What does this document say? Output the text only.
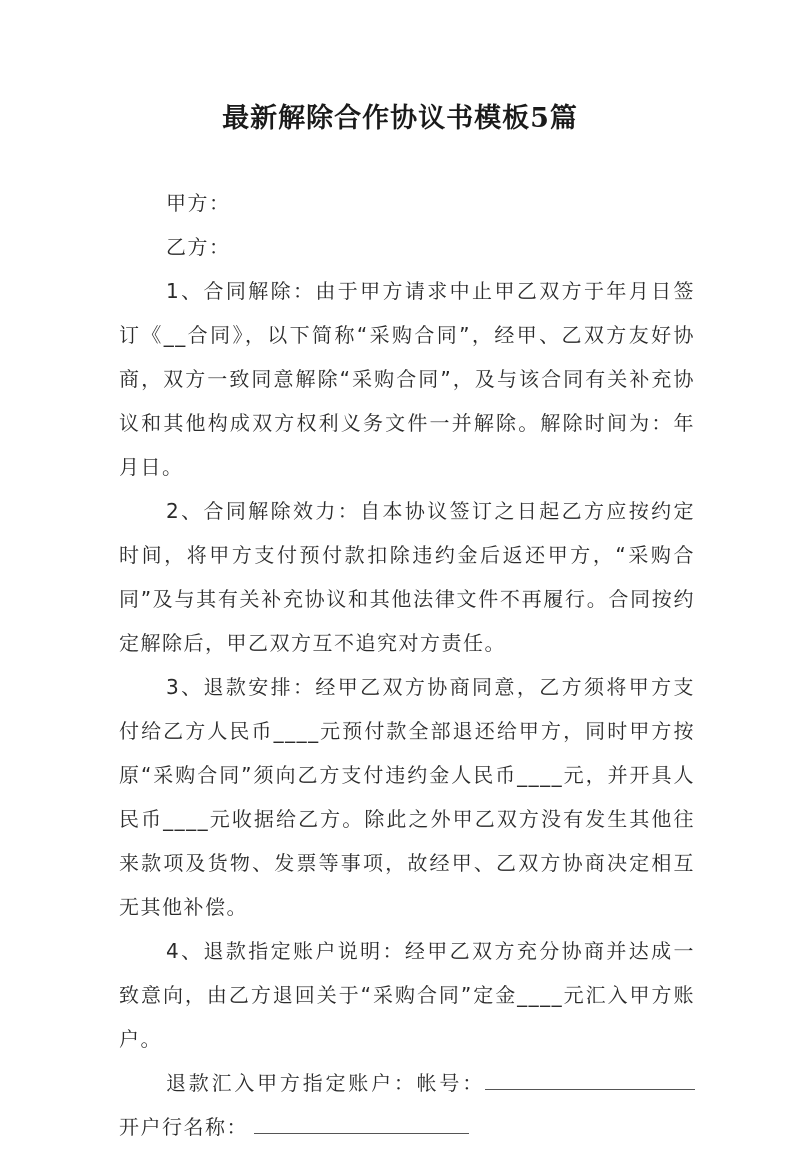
最新解除合作协议书模板5篇

甲方：

乙方：

1、合同解除：由于甲方请求中止甲乙双方于年月日签订《__合同》，以下简称“采购合同”，经甲、乙双方友好协商，双方一致同意解除“采购合同”，及与该合同有关补充协议和其他构成双方权利义务文件一并解除。解除时间为：年月日。

2、合同解除效力：自本协议签订之日起乙方应按约定时间，将甲方支付预付款扣除违约金后返还甲方，“采购合同”及与其有关补充协议和其他法律文件不再履行。合同按约定解除后，甲乙双方互不追究对方责任。

3、退款安排：经甲乙双方协商同意，乙方须将甲方支付给乙方人民币____元预付款全部退还给甲方，同时甲方按原“采购合同”须向乙方支付违约金人民币____元，并开具人民币____元收据给乙方。除此之外甲乙双方没有发生其他往来款项及货物、发票等事项，故经甲、乙双方协商决定相互无其他补偿。

4、退款指定账户说明：经甲乙双方充分协商并达成一致意向，由乙方退回关于“采购合同”定金____元汇入甲方账户。

退款汇入甲方指定账户：帐号：开户行名称：
